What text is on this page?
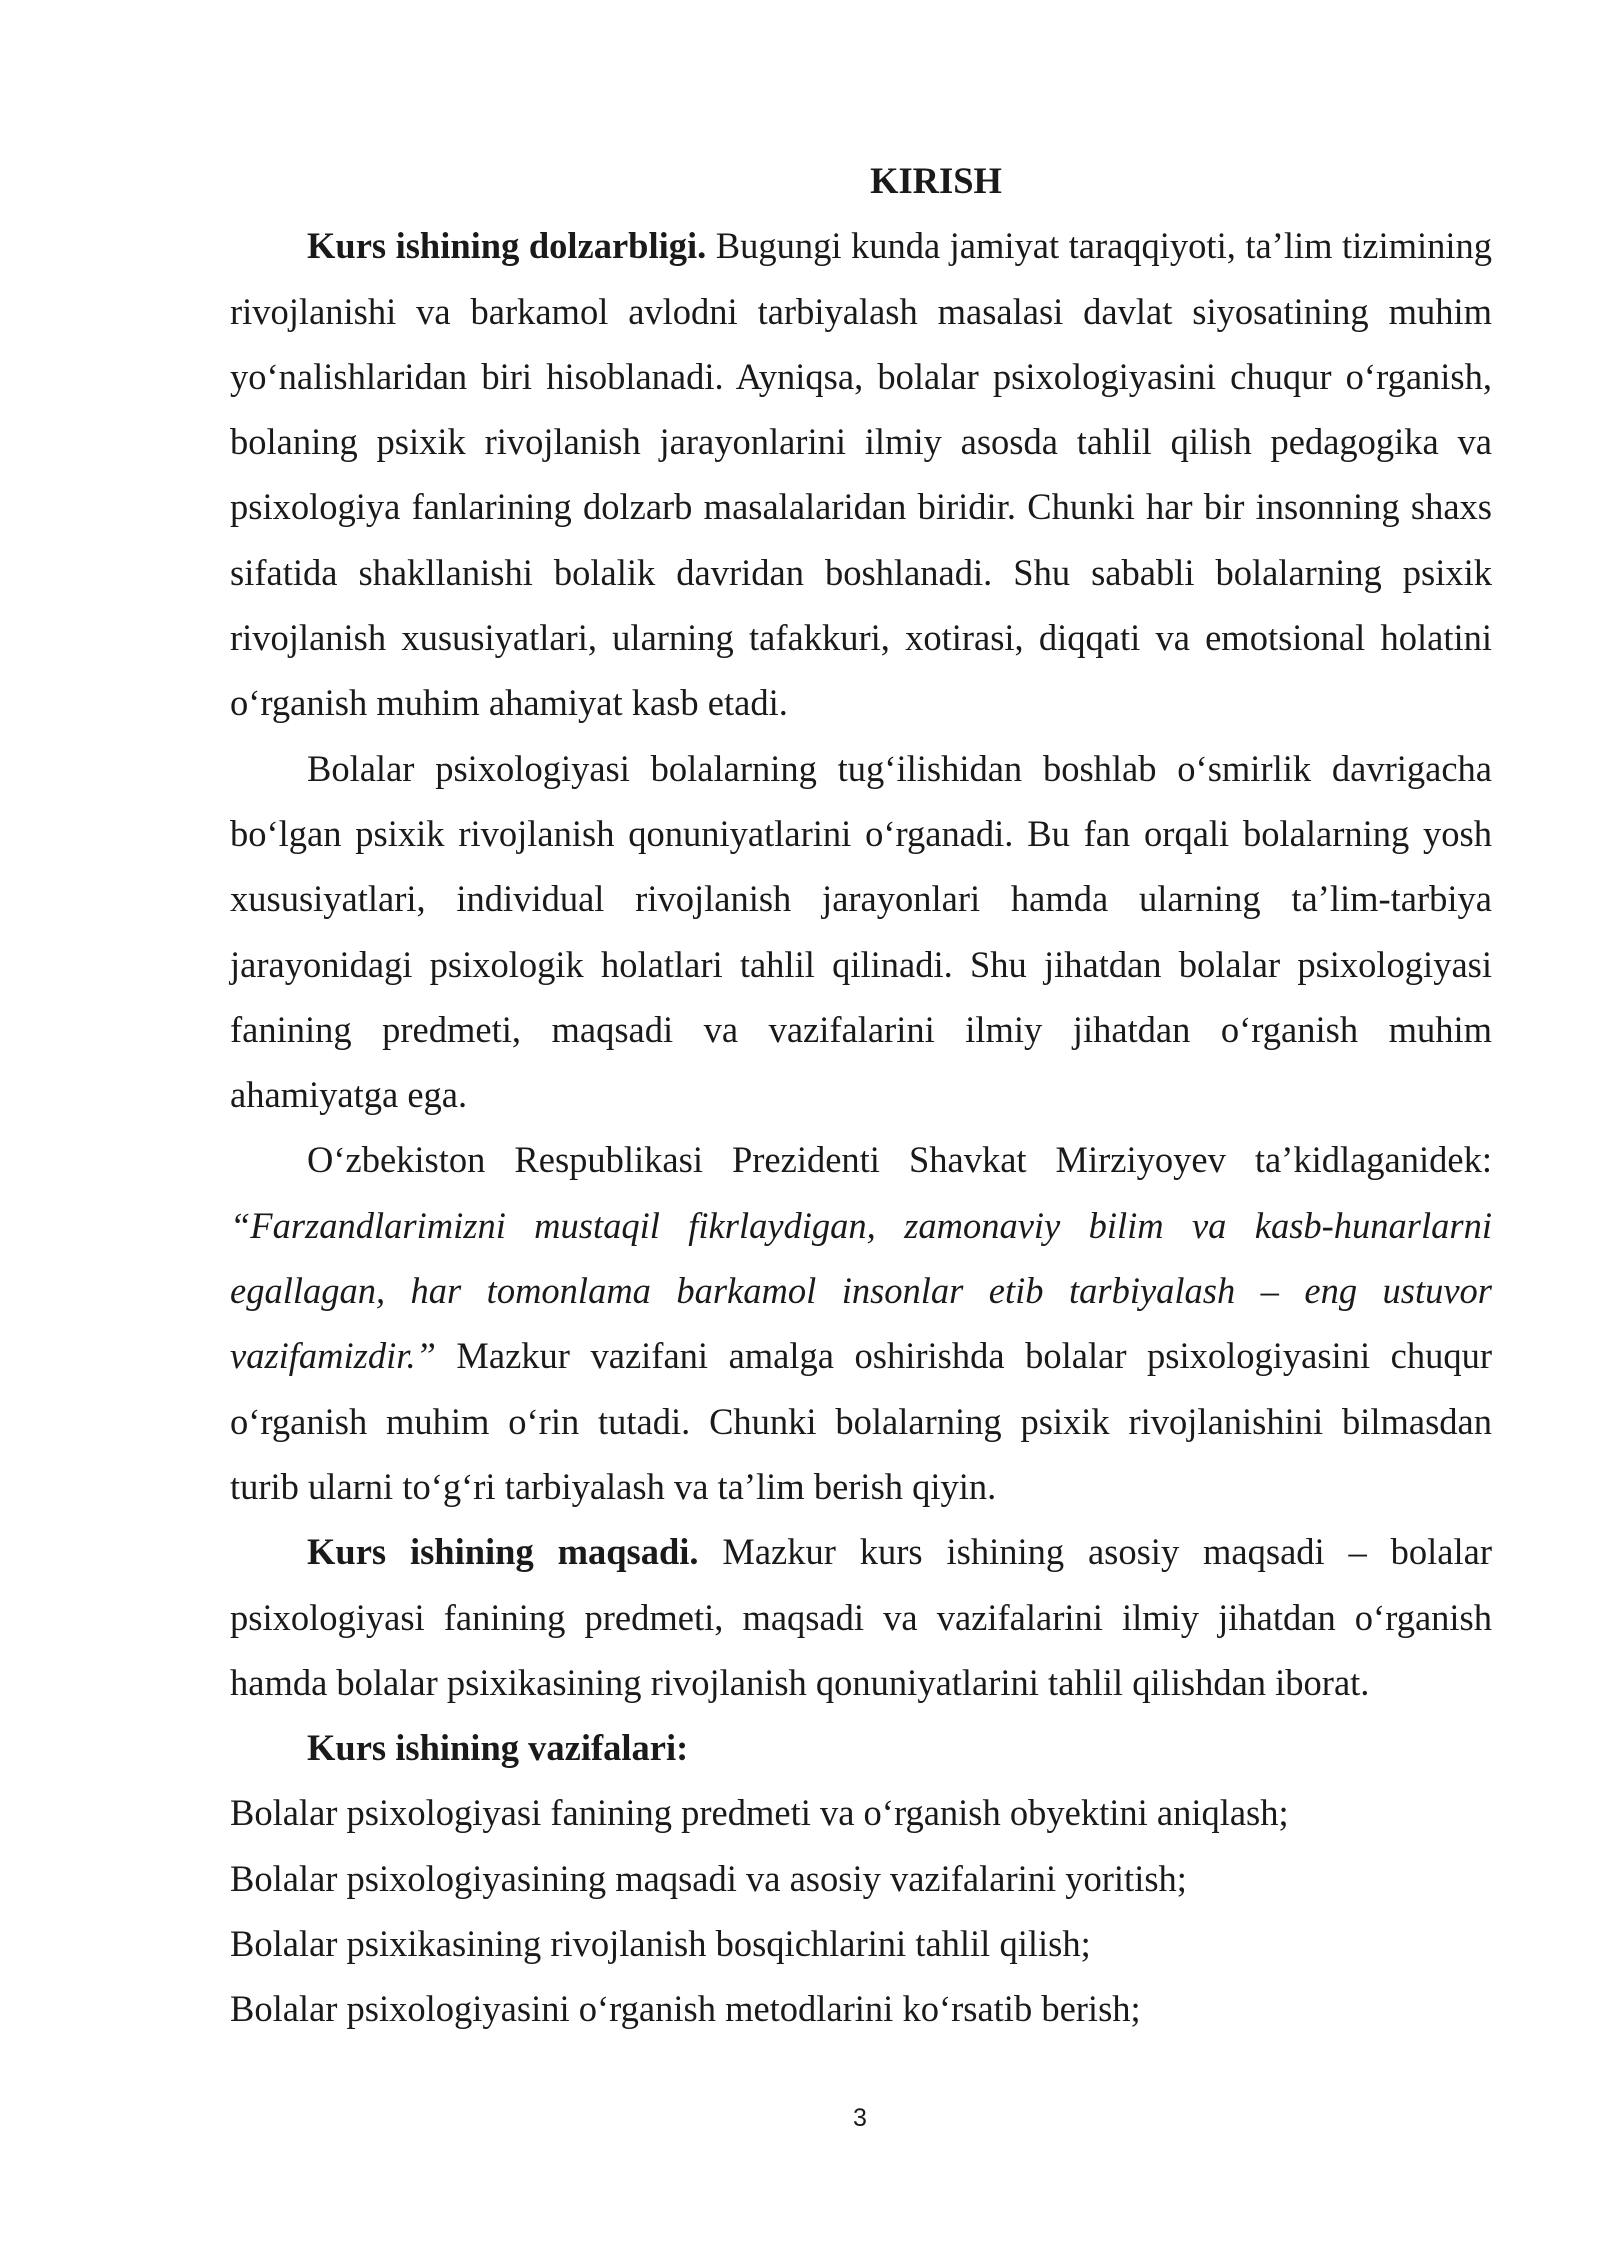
KIRISH

Kurs ishining dolzarbligi. Bugungi kunda jamiyat taraqqiyoti, ta’lim tizimining rivojlanishi va barkamol avlodni tarbiyalash masalasi davlat siyosatining muhim yo‘nalishlaridan biri hisoblanadi. Ayniqsa, bolalar psixologiyasini chuqur o‘rganish, bolaning psixik rivojlanish jarayonlarini ilmiy asosda tahlil qilish pedagogika va psixologiya fanlarining dolzarb masalalaridan biridir. Chunki har bir insonning shaxs sifatida shakllanishi bolalik davridan boshlanadi. Shu sababli bolalarning psixik rivojlanish xususiyatlari, ularning tafakkuri, xotirasi, diqqati va emotsional holatini o‘rganish muhim ahamiyat kasb etadi.

Bolalar psixologiyasi bolalarning tug‘ilishidan boshlab o‘smirlik davrigacha bo‘lgan psixik rivojlanish qonuniyatlarini o‘rganadi. Bu fan orqali bolalarning yosh xususiyatlari, individual rivojlanish jarayonlari hamda ularning ta’lim-tarbiya jarayonidagi psixologik holatlari tahlil qilinadi. Shu jihatdan bolalar psixologiyasi fanining predmeti, maqsadi va vazifalarini ilmiy jihatdan o‘rganish muhim ahamiyatga ega.

O‘zbekiston Respublikasi Prezidenti Shavkat Mirziyoyev ta’kidlaganidek: “Farzandlarimizni mustaqil fikrlaydigan, zamonaviy bilim va kasb-hunarlarni egallagan, har tomonlama barkamol insonlar etib tarbiyalash – eng ustuvor vazifamizdir.” Mazkur vazifani amalga oshirishda bolalar psixologiyasini chuqur o‘rganish muhim o‘rin tutadi. Chunki bolalarning psixik rivojlanishini bilmasdan turib ularni to‘g‘ri tarbiyalash va ta’lim berish qiyin.

Kurs ishining maqsadi. Mazkur kurs ishining asosiy maqsadi – bolalar psixologiyasi fanining predmeti, maqsadi va vazifalarini ilmiy jihatdan o‘rganish hamda bolalar psixikasining rivojlanish qonuniyatlarini tahlil qilishdan iborat.

Kurs ishining vazifalari:

Bolalar psixologiyasi fanining predmeti va o‘rganish obyektini aniqlash;

Bolalar psixologiyasining maqsadi va asosiy vazifalarini yoritish;

Bolalar psixikasining rivojlanish bosqichlarini tahlil qilish;

Bolalar psixologiyasini o‘rganish metodlarini ko‘rsatib berish;

3
